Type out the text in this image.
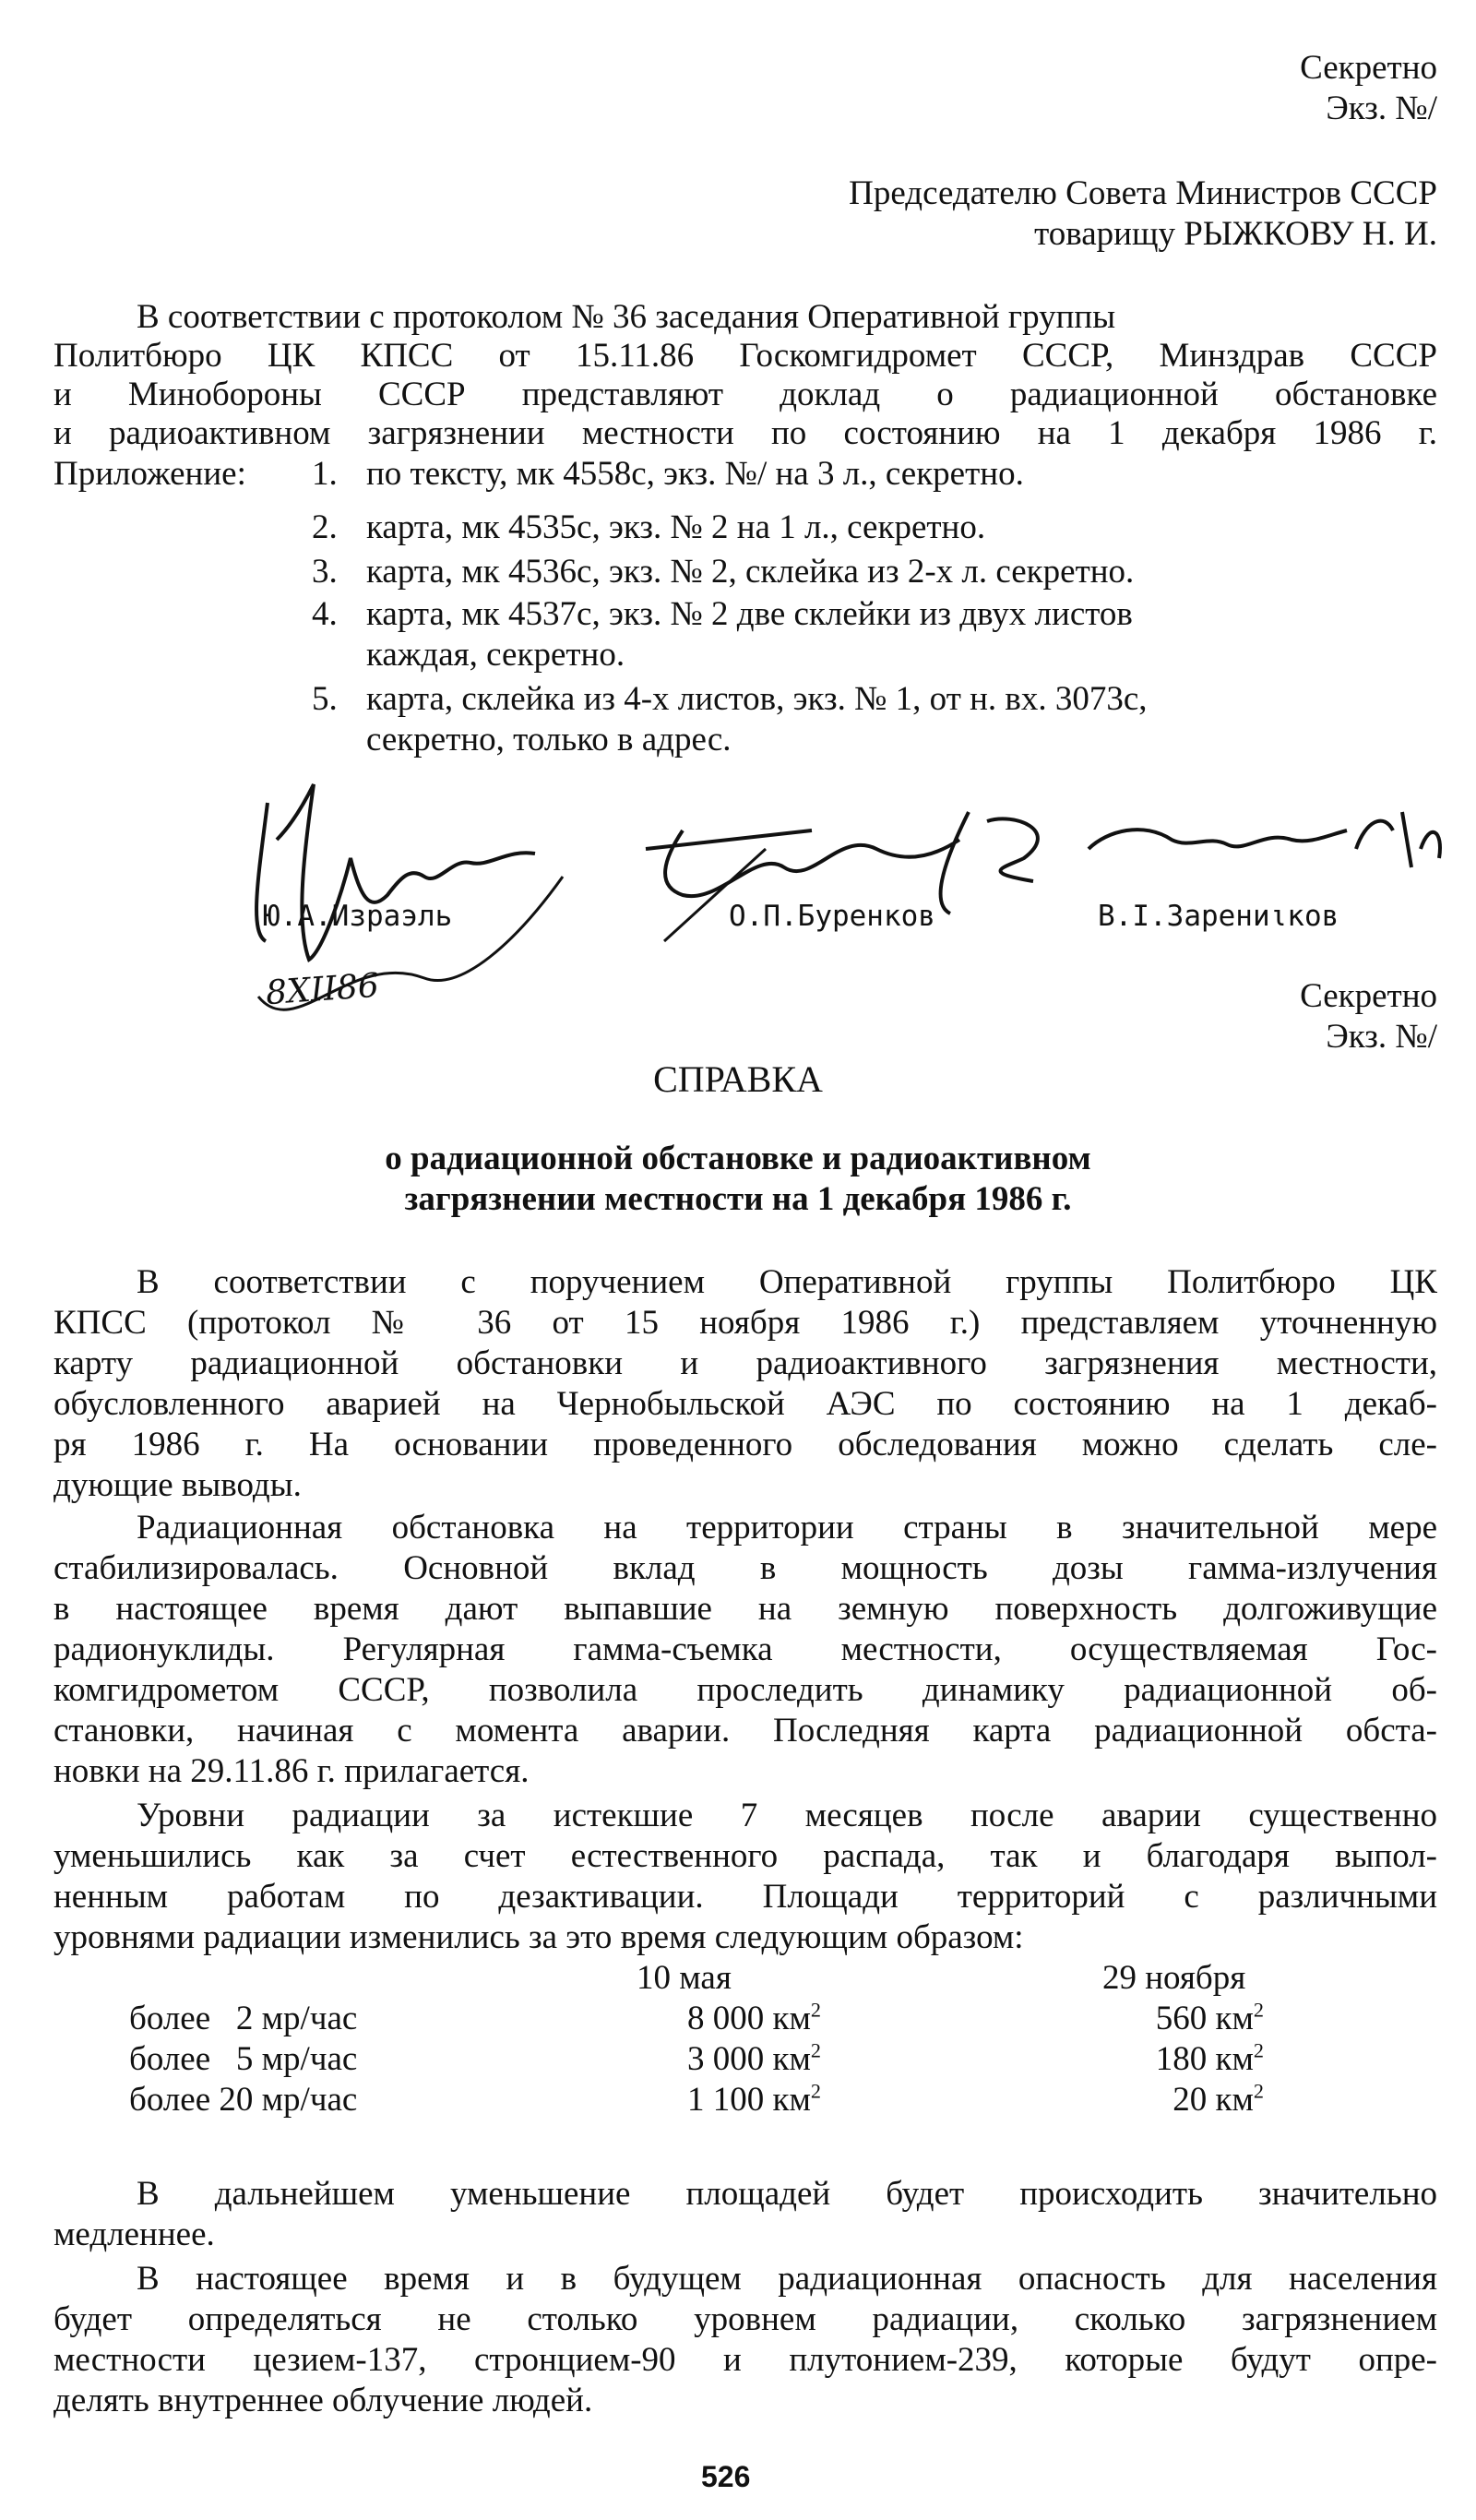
Секретно
Экз. №/
Председателю Совета Министров СССР
товарищу РЫЖКОВУ Н. И.
В соответствии с протоколом № 36 заседания Оперативной группы
Политбюро ЦК КПСС от 15.11.86 Госкомгидромет СССР, Минздрав СССР
и Минобороны СССР представляют доклад о радиационной обстановке
и радиоактивном загрязнении местности по состоянию на 1 декабря 1986 г.
Приложение: 1. по тексту, мк 4558с, экз. №/ на 3 л., секретно.
2. карта, мк 4535с, экз. № 2 на 1 л., секретно.
3. карта, мк 4536с, экз. № 2, склейка из 2-х л. секретно.
4. карта, мк 4537с, экз. № 2 две склейки из двух листов
каждая, секретно.
5. карта, склейка из 4-х листов, экз. № 1, от н. вх. 3073с,
секретно, только в адрес.
Ю.А.Израэль	О.П.Буренков	В.І.Зарениιков
8ХII86	Секретно
Экз. №/
СПРАВКА
о радиационной обстановке и радиоактивном
загрязнении местности на 1 декабря 1986 г.
В соответствии с поручением Оперативной группы Политбюро ЦК
КПСС (протокол № 36 от 15 ноября 1986 г.) представляем уточненную
карту радиационной обстановки и радиоактивного загрязнения местности,
обусловленного аварией на Чернобыльской АЭС по состоянию на 1 декаб-
ря 1986 г. На основании проведенного обследования можно сделать сле-
дующие выводы.
Радиационная обстановка на территории страны в значительной мере
стабилизировалась. Основной вклад в мощность дозы гамма-излучения
в настоящее время дают выпавшие на земную поверхность долгоживущие
радионуклиды. Регулярная гамма-съемка местности, осуществляемая Гос-
комгидрометом СССР, позволила проследить динамику радиационной об-
становки, начиная с момента аварии. Последняя карта радиационной обста-
новки на 29.11.86 г. прилагается.
Уровни радиации за истекшие 7 месяцев после аварии существенно
уменьшились как за счет естественного распада, так и благодаря выпол-
ненным работам по дезактивации. Площади территорий с различными
уровнями радиации изменились за это время следующим образом:
10 мая	29 ноября
более   2 мр/час	8 000 $км^2$	560 $км^2$
более   5 мр/час	3 000 $км^2$	180 $км^2$
более 20 мр/час	1 100 $км^2$	20 $км^2$
В дальнейшем уменьшение площадей будет происходить значительно
медленнее.
В настоящее время и в будущем радиационная опасность для населения
будет определяться не столько уровнем радиации, сколько загрязнением
местности цезием-137, стронцием-90 и плутонием-239, которые будут опре-
делять внутреннее облучение людей.
526
